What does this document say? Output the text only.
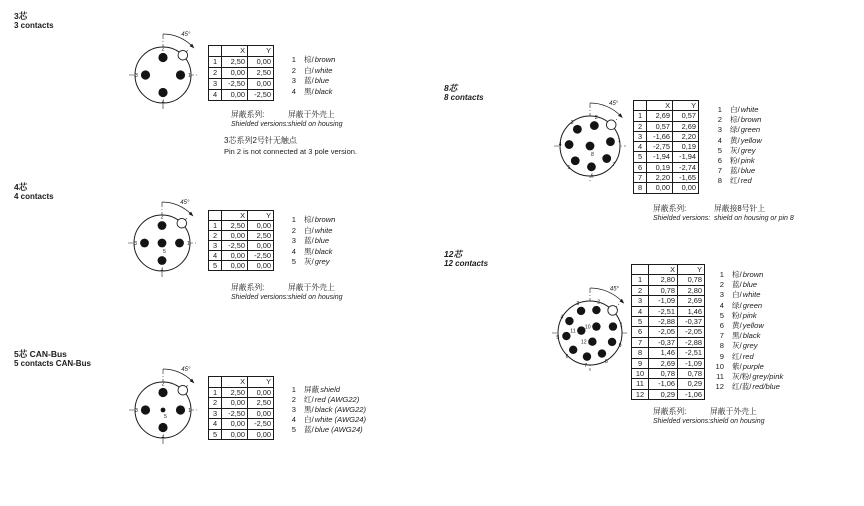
3芯
3 contacts
45°
1
2
3
4
	X	Y
1	2,50	0,00
2	0,00	2,50
3	-2,50	0,00
4	0,00	-2,50
1 棕/ brown
2 白/ white
3 蓝/ blue
4 黑/ black
屏蔽系列:
Shielded versions:
屏蔽于外壳上
shield on housing
3芯系列2号针无触点
Pin 2 is not connected at 3 pole version.
4芯
4 contacts
45°
1
2
3
4
5
	X	Y
1	2,50	0,00
2	0,00	2,50
3	-2,50	0,00
4	0,00	-2,50
5	0,00	0,00
1 棕/ brown
2 白/ white
3 蓝/ blue
4 黑/ black
5 灰/ grey
屏蔽系列:
Shielded versions:
屏蔽于外壳上
shield on housing
5芯 CAN-Bus
5 contacts CAN-Bus
45°
1
2
3
4
5
	X	Y
1	2,50	0,00
2	0,00	2,50
3	-2,50	0,00
4	0,00	-2,50
5	0,00	0,00
1 屏蔽 shield
2 红/ red (AWG22)
3 黑/ black (AWG22)
4 白/ white (AWG24)
5 蓝/ blue (AWG24)
8芯
8 contacts
45°
1
2
3
4
5
6
7
8
	X	Y
1	2,69	0,57
2	0,57	2,69
3	-1,66	2,20
4	-2,75	0,19
5	-1,94	-1,94
6	0,19	-2,74
7	2,20	-1,65
8	0,00	0,00
1 白/ white
2 棕/ brown
3 绿/ green
4 黄/ yellow
5 灰/ grey
6 粉/ pink
7 蓝/ blue
8 红/ red
屏蔽系列:
Shielded versions:
屏蔽接8号针上
shield on housing or pin 8
12芯
12 contacts
45°
1
2
3
4
5
6
7
8
9
10
11
12
	X	Y
1	2,80	0,78
2	0,78	2,80
3	-1,09	2,69
4	-2,51	1,46
5	-2,88	-0,37
6	-2,05	-2,05
7	-0,37	-2,88
8	1,46	-2,51
9	2,69	-1,09
10	0,78	0,78
11	-1,06	0,29
12	0,29	-1,06
1 棕/ brown
2 蓝/ blue
3 白/ white
4 绿/ green
5 粉/ pink
6 黄/ yellow
7 黑/ black
8 灰/ grey
9 红/ red
10 紫/ purple
11 灰/粉/ grey/pink
12 红/蓝/ red/blue
屏蔽系列:
Shielded versions:
屏蔽于外壳上
shield on housing
